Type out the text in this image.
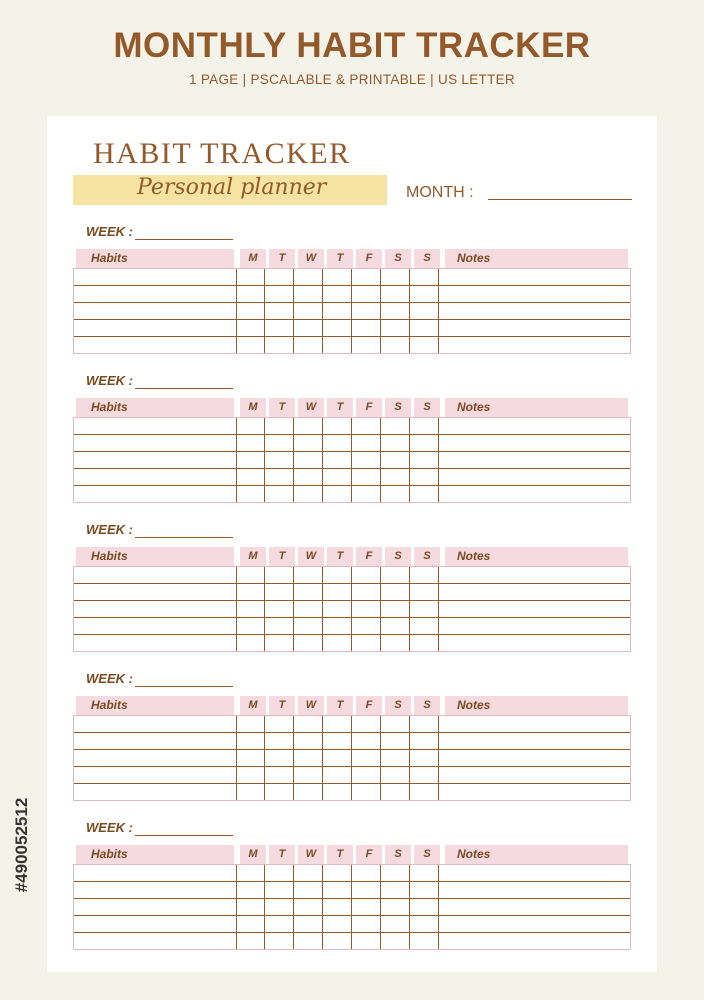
MONTHLY HABIT TRACKER
1 PAGE | PSCALABLE & PRINTABLE | US LETTER
HABIT TRACKER
Personal planner	MONTH :
WEEK :
Habits	M	T	W	T	F	S	S	Notes
WEEK :
Habits	M	T	W	T	F	S	S	Notes
WEEK :
Habits	M	T	W	T	F	S	S	Notes
WEEK :
Habits	M	T	W	T	F	S	S	Notes
WEEK :
Habits	M	T	W	T	F	S	S	Notes
#490052512
